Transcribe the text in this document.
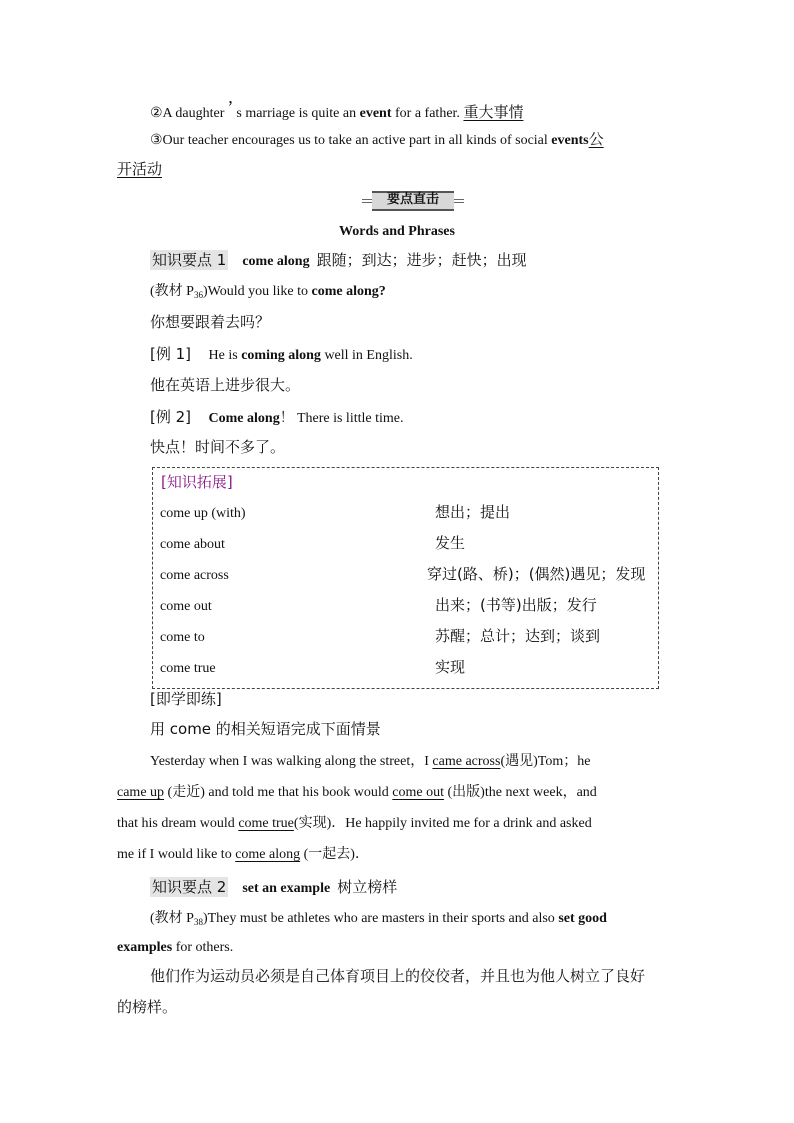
②A daughter ’ s marriage is quite an event for a father. 重大事情
③Our teacher encourages us to take an active part in all kinds of social events公
开活动
要点直击
Words and Phrases
知识要点 1 come along 跟随；到达；进步；赶快；出现
(教材 $P_{36})Would$ you like to come along?
你想要跟着去吗？
[例 1] He is coming along well in English.
他在英语上进步很大。
[例 2] Come along！ There is little time.
快点！时间不多了。
[知识拓展]
come up (with)	想出；提出
come about	发生
come across	穿过(路、桥)；(偶然)遇见；发现
come out	出来；(书等)出版；发行
come to	苏醒；总计；达到；谈到
come true	实现
[即学即练]
用 come 的相关短语完成下面情景
Yesterday when I was walking along the street，I came across(遇见)Tom；he
came up (走近) and told me that his book would come out (出版)the next week，and
that his dream would come true(实现)．He happily invited me for a drink and asked
me if I would like to come along (一起去)．
知识要点 2 set an example 树立榜样
(教材 $P_{38})They$ must be athletes who are masters in their sports and also set good
examples for others.
他们作为运动员必须是自己体育项目上的佼佼者，并且也为他人树立了良好
的榜样。
